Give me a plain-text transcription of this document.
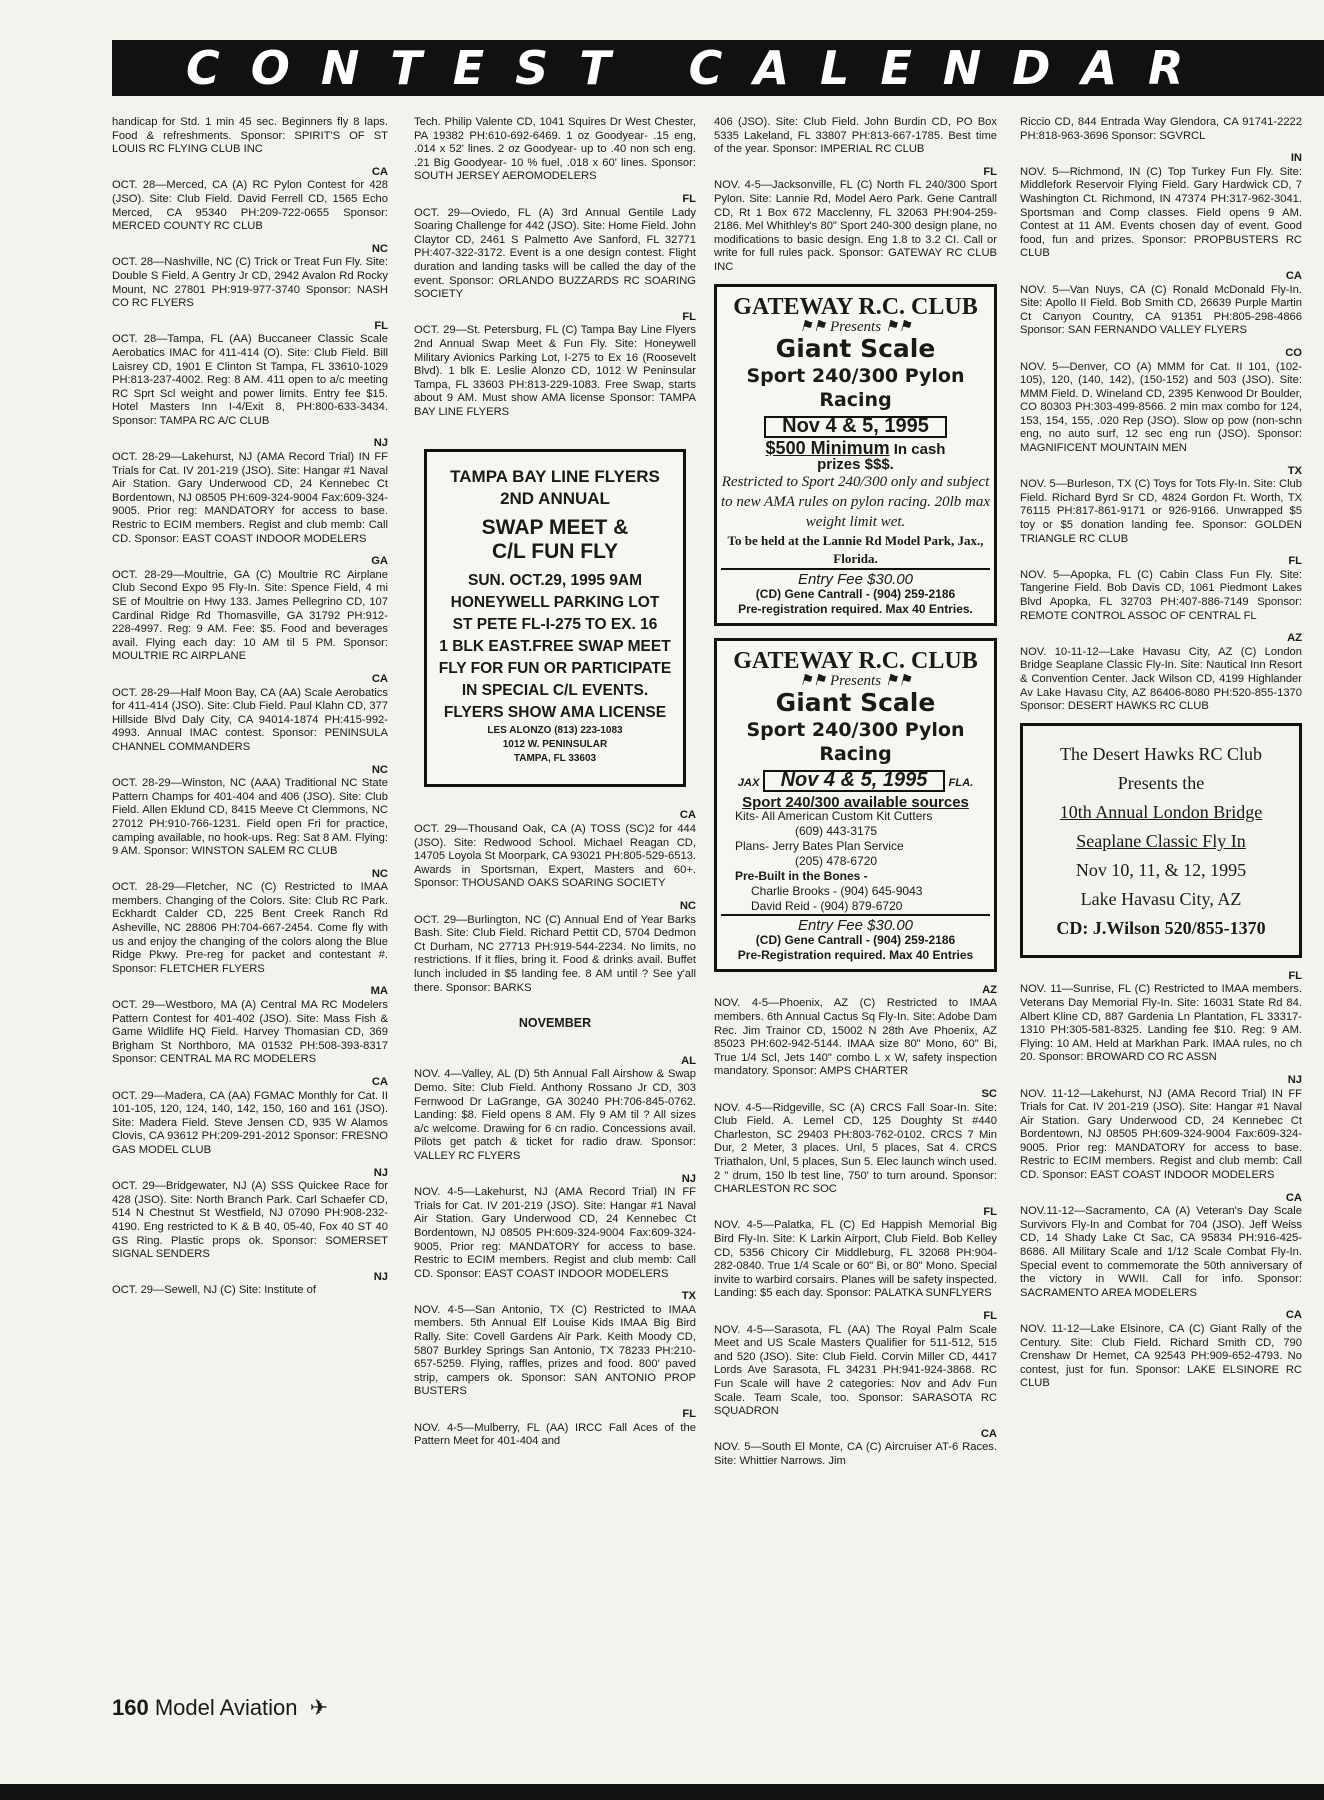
CONTEST CALENDAR

handicap for Std. 1 min 45 sec. Beginners fly 8 laps. Food & refreshments. Sponsor: SPIRIT'S OF ST LOUIS RC FLYING CLUB INC

CA

OCT. 28—Merced, CA (A) RC Pylon Contest for 428 (JSO). Site: Club Field. David Ferrell CD, 1565 Echo Merced, CA 95340 PH:209-722-0655 Sponsor: MERCED COUNTY RC CLUB

NC

OCT. 28—Nashville, NC (C) Trick or Treat Fun Fly. Site: Double S Field. A Gentry Jr CD, 2942 Avalon Rd Rocky Mount, NC 27801 PH:919-977-3740 Sponsor: NASH CO RC FLYERS

FL

OCT. 28—Tampa, FL (AA) Buccaneer Classic Scale Aerobatics IMAC for 411-414 (O). Site: Club Field. Bill Laisrey CD, 1901 E Clinton St Tampa, FL 33610-1029 PH:813-237-4002. Reg: 8 AM. 411 open to a/c meeting RC Sprt Scl weight and power limits. Entry fee $15. Hotel Masters Inn I-4/Exit 8, PH:800-633-3434. Sponsor: TAMPA RC A/C CLUB

NJ

OCT. 28-29—Lakehurst, NJ (AMA Record Trial) IN FF Trials for Cat. IV 201-219 (JSO). Site: Hangar #1 Naval Air Station. Gary Underwood CD, 24 Kennebec Ct Bordentown, NJ 08505 PH:609-324-9004 Fax:609-324-9005. Prior reg: MANDATORY for access to base. Restric to ECIM members. Regist and club memb: Call CD. Sponsor: EAST COAST INDOOR MODELERS

GA

OCT. 28-29—Moultrie, GA (C) Moultrie RC Airplane Club Second Expo 95 Fly-In. Site: Spence Field, 4 mi SE of Moultrie on Hwy 133. James Pellegrino CD, 107 Cardinal Ridge Rd Thomasville, GA 31792 PH:912-228-4997. Reg: 9 AM. Fee: $5. Food and beverages avail. Flying each day: 10 AM til 5 PM. Sponsor: MOULTRIE RC AIRPLANE

CA

OCT. 28-29—Half Moon Bay, CA (AA) Scale Aerobatics for 411-414 (JSO). Site: Club Field. Paul Klahn CD, 377 Hillside Blvd Daly City, CA 94014-1874 PH:415-992-4993. Annual IMAC contest. Sponsor: PENINSULA CHANNEL COMMANDERS

NC

OCT. 28-29—Winston, NC (AAA) Traditional NC State Pattern Champs for 401-404 and 406 (JSO). Site: Club Field. Allen Eklund CD, 8415 Meeve Ct Clemmons, NC 27012 PH:910-766-1231. Field open Fri for practice, camping available, no hook-ups. Reg: Sat 8 AM. Flying: 9 AM. Sponsor: WINSTON SALEM RC CLUB

NC

OCT. 28-29—Fletcher, NC (C) Restricted to IMAA members. Changing of the Colors. Site: Club RC Park. Eckhardt Calder CD, 225 Bent Creek Ranch Rd Asheville, NC 28806 PH:704-667-2454. Come fly with us and enjoy the changing of the colors along the Blue Ridge Pkwy. Pre-reg for packet and contestant #. Sponsor: FLETCHER FLYERS

MA

OCT. 29—Westboro, MA (A) Central MA RC Modelers Pattern Contest for 401-402 (JSO). Site: Mass Fish & Game Wildlife HQ Field. Harvey Thomasian CD, 369 Brigham St Northboro, MA 01532 PH:508-393-8317 Sponsor: CENTRAL MA RC MODELERS

CA

OCT. 29—Madera, CA (AA) FGMAC Monthly for Cat. II 101-105, 120, 124, 140, 142, 150, 160 and 161 (JSO). Site: Madera Field. Steve Jensen CD, 935 W Alamos Clovis, CA 93612 PH:209-291-2012 Sponsor: FRESNO GAS MODEL CLUB

NJ

OCT. 29—Bridgewater, NJ (A) SSS Quickee Race for 428 (JSO). Site: North Branch Park. Carl Schaefer CD, 514 N Chestnut St Westfield, NJ 07090 PH:908-232-4190. Eng restricted to K & B 40, 05-40, Fox 40 ST 40 GS Ring. Plastic props ok. Sponsor: SOMERSET SIGNAL SENDERS

NJ

OCT. 29—Sewell, NJ (C) Site: Institute of

Tech. Philip Valente CD, 1041 Squires Dr West Chester, PA 19382 PH:610-692-6469. 1 oz Goodyear- .15 eng, .014 x 52' lines. 2 oz Goodyear- up to .40 non sch eng. .21 Big Goodyear- 10 % fuel, .018 x 60' lines. Sponsor: SOUTH JERSEY AEROMODELERS

FL

OCT. 29—Oviedo, FL (A) 3rd Annual Gentile Lady Soaring Challenge for 442 (JSO). Site: Home Field. John Claytor CD, 2461 S Palmetto Ave Sanford, FL 32771 PH:407-322-3172. Event is a one design contest. Flight duration and landing tasks will be called the day of the event. Sponsor: ORLANDO BUZZARDS RC SOARING SOCIETY

FL

OCT. 29—St. Petersburg, FL (C) Tampa Bay Line Flyers 2nd Annual Swap Meet & Fun Fly. Site: Honeywell Military Avionics Parking Lot, I-275 to Ex 16 (Roosevelt Blvd). 1 blk E. Leslie Alonzo CD, 1012 W Peninsular Tampa, FL 33603 PH:813-229-1083. Free Swap, starts about 9 AM. Must show AMA license Sponsor: TAMPA BAY LINE FLYERS

TAMPA BAY LINE FLYERS

2ND ANNUAL

SWAP MEET &

C/L FUN FLY

SUN. OCT.29, 1995 9AM

HONEYWELL PARKING LOT

ST PETE FL-I-275 TO EX. 16

1 BLK EAST.FREE SWAP MEET

FLY FOR FUN OR PARTICIPATE

IN SPECIAL C/L EVENTS.

FLYERS SHOW AMA LICENSE

LES ALONZO (813) 223-1083

1012 W. PENINSULAR

TAMPA, FL 33603

CA

OCT. 29—Thousand Oak, CA (A) TOSS (SC)2 for 444 (JSO). Site: Redwood School. Michael Reagan CD, 14705 Loyola St Moorpark, CA 93021 PH:805-529-6513. Awards in Sportsman, Expert, Masters and 60+. Sponsor: THOUSAND OAKS SOARING SOCIETY

NC

OCT. 29—Burlington, NC (C) Annual End of Year Barks Bash. Site: Club Field. Richard Pettit CD, 5704 Dedmon Ct Durham, NC 27713 PH:919-544-2234. No limits, no restrictions. If it flies, bring it. Food & drinks avail. Buffet lunch included in $5 landing fee. 8 AM until ? See y'all there. Sponsor: BARKS

NOVEMBER
AL

NOV. 4—Valley, AL (D) 5th Annual Fall Airshow & Swap Demo. Site: Club Field. Anthony Rossano Jr CD, 303 Fernwood Dr LaGrange, GA 30240 PH:706-845-0762. Landing: $8. Field opens 8 AM. Fly 9 AM til ? All sizes a/c welcome. Drawing for 6 cn radio. Concessions avail. Pilots get patch & ticket for radio draw. Sponsor: VALLEY RC FLYERS

NJ

NOV. 4-5—Lakehurst, NJ (AMA Record Trial) IN FF Trials for Cat. IV 201-219 (JSO). Site: Hangar #1 Naval Air Station. Gary Underwood CD, 24 Kennebec Ct Bordentown, NJ 08505 PH:609-324-9004 Fax:609-324-9005. Prior reg: MANDATORY for access to base. Restric to ECIM members. Regist and club memb: Call CD. Sponsor: EAST COAST INDOOR MODELERS

TX

NOV. 4-5—San Antonio, TX (C) Restricted to IMAA members. 5th Annual Elf Louise Kids IMAA Big Bird Rally. Site: Covell Gardens Air Park. Keith Moody CD, 5807 Burkley Springs San Antonio, TX 78233 PH:210-657-5259. Flying, raffles, prizes and food. 800' paved strip, campers ok. Sponsor: SAN ANTONIO PROP BUSTERS

FL

NOV. 4-5—Mulberry, FL (AA) IRCC Fall Aces of the Pattern Meet for 401-404 and

406 (JSO). Site: Club Field. John Burdin CD, PO Box 5335 Lakeland, FL 33807 PH:813-667-1785. Best time of the year. Sponsor: IMPERIAL RC CLUB

FL

NOV. 4-5—Jacksonville, FL (C) North FL 240/300 Sport Pylon. Site: Lannie Rd, Model Aero Park. Gene Cantrall CD, Rt 1 Box 672 Macclenny, FL 32063 PH:904-259-2186. Mel Whithley's 80" Sport 240-300 design plane, no modifications to basic design. Eng 1.8 to 3.2 CI. Call or write for full rules pack. Sponsor: GATEWAY RC CLUB INC

GATEWAY R.C. CLUB

⚑⚑ Presents ⚑⚑

Giant Scale

Sport 240/300 Pylon Racing

Nov 4 & 5, 1995

$500 Minimum In cash

prizes $$$.

Restricted to Sport 240/300 only and subject to new AMA rules on pylon racing. 20lb max weight limit wet.

To be held at the Lannie Rd Model Park, Jax., Florida.

Entry Fee $30.00

(CD) Gene Cantrall - (904) 259-2186

Pre-registration required. Max 40 Entries.

GATEWAY R.C. CLUB

⚑⚑ Presents ⚑⚑

Giant Scale

Sport 240/300 Pylon Racing

JAX Nov 4 & 5, 1995 FLA.

Sport 240/300 available sources

Kits- All American Custom Kit Cutters

(609) 443-3175

Plans- Jerry Bates Plan Service

(205) 478-6720

Pre-Built in the Bones -

Charlie Brooks - (904) 645-9043

David Reid - (904) 879-6720

Entry Fee $30.00

(CD) Gene Cantrall - (904) 259-2186

Pre-Registration required. Max 40 Entries

AZ

NOV. 4-5—Phoenix, AZ (C) Restricted to IMAA members. 6th Annual Cactus Sq Fly-In. Site: Adobe Dam Rec. Jim Trainor CD, 15002 N 28th Ave Phoenix, AZ 85023 PH:602-942-5144. IMAA size 80" Mono, 60" Bi, True 1/4 Scl, Jets 140" combo L x W, safety inspection mandatory. Sponsor: AMPS CHARTER

SC

NOV. 4-5—Ridgeville, SC (A) CRCS Fall Soar-In. Site: Club Field. A. Lemel CD, 125 Doughty St #440 Charleston, SC 29403 PH:803-762-0102. CRCS 7 Min Dur, 2 Meter, 3 places. Unl, 5 places, Sat 4. CRCS Triathalon, Unl, 5 places, Sun 5. Elec launch winch used. 2 " drum, 150 lb test line, 750' to turn around. Sponsor: CHARLESTON RC SOC

FL

NOV. 4-5—Palatka, FL (C) Ed Happish Memorial Big Bird Fly-In. Site: K Larkin Airport, Club Field. Bob Kelley CD, 5356 Chicory Cir Middleburg, FL 32068 PH:904-282-0840. True 1/4 Scale or 60" Bi, or 80" Mono. Special invite to warbird corsairs. Planes will be safety inspected. Landing: $5 each day. Sponsor: PALATKA SUNFLYERS

FL

NOV. 4-5—Sarasota, FL (AA) The Royal Palm Scale Meet and US Scale Masters Qualifier for 511-512, 515 and 520 (JSO). Site: Club Field. Corvin Miller CD, 4417 Lords Ave Sarasota, FL 34231 PH:941-924-3868. RC Fun Scale will have 2 categories: Nov and Adv Fun Scale. Team Scale, too. Sponsor: SARASOTA RC SQUADRON

CA

NOV. 5—South El Monte, CA (C) Aircruiser AT-6 Races. Site: Whittier Narrows. Jim

Riccio CD, 844 Entrada Way Glendora, CA 91741-2222 PH:818-963-3696 Sponsor: SGVRCL

IN

NOV. 5—Richmond, IN (C) Top Turkey Fun Fly. Site: Middlefork Reservoir Flying Field. Gary Hardwick CD, 7 Washington Ct. Richmond, IN 47374 PH:317-962-3041. Sportsman and Comp classes. Field opens 9 AM. Contest at 11 AM. Events chosen day of event. Good food, fun and prizes. Sponsor: PROPBUSTERS RC CLUB

CA

NOV. 5—Van Nuys, CA (C) Ronald McDonald Fly-In. Site: Apollo II Field. Bob Smith CD, 26639 Purple Martin Ct Canyon Country, CA 91351 PH:805-298-4866 Sponsor: SAN FERNANDO VALLEY FLYERS

CO

NOV. 5—Denver, CO (A) MMM for Cat. II 101, (102-105), 120, (140, 142), (150-152) and 503 (JSO). Site: MMM Field. D. Wineland CD, 2395 Kenwood Dr Boulder, CO 80303 PH:303-499-8566. 2 min max combo for 124, 153, 154, 155, .020 Rep (JSO). Slow op pow (non-schn eng, no auto surf, 12 sec eng run (JSO). Sponsor: MAGNIFICENT MOUNTAIN MEN

TX

NOV. 5—Burleson, TX (C) Toys for Tots Fly-In. Site: Club Field. Richard Byrd Sr CD, 4824 Gordon Ft. Worth, TX 76115 PH:817-861-9171 or 926-9166. Unwrapped $5 toy or $5 donation landing fee. Sponsor: GOLDEN TRIANGLE RC CLUB

FL

NOV. 5—Apopka, FL (C) Cabin Class Fun Fly. Site: Tangerine Field. Bob Davis CD, 1061 Piedmont Lakes Blvd Apopka, FL 32703 PH:407-886-7149 Sponsor: REMOTE CONTROL ASSOC OF CENTRAL FL

AZ

NOV. 10-11-12—Lake Havasu City, AZ (C) London Bridge Seaplane Classic Fly-In. Site: Nautical Inn Resort & Convention Center. Jack Wilson CD, 4199 Highlander Av Lake Havasu City, AZ 86406-8080 PH:520-855-1370 Sponsor: DESERT HAWKS RC CLUB

The Desert Hawks RC Club
Presents the
10th Annual London Bridge
Seaplane Classic Fly In
Nov 10, 11, & 12, 1995
Lake Havasu City, AZ
CD: J.Wilson 520/855-1370
FL

NOV. 11—Sunrise, FL (C) Restricted to IMAA members. Veterans Day Memorial Fly-In. Site: 16031 State Rd 84. Albert Kline CD, 887 Gardenia Ln Plantation, FL 33317-1310 PH:305-581-8325. Landing fee $10. Reg: 9 AM. Flying: 10 AM. Held at Markhan Park. IMAA rules, no ch 20. Sponsor: BROWARD CO RC ASSN

NJ

NOV. 11-12—Lakehurst, NJ (AMA Record Trial) IN FF Trials for Cat. IV 201-219 (JSO). Site: Hangar #1 Naval Air Station. Gary Underwood CD, 24 Kennebec Ct Bordentown, NJ 08505 PH:609-324-9004 Fax:609-324-9005. Prior reg: MANDATORY for access to base. Restric to ECIM members. Regist and club memb: Call CD. Sponsor: EAST COAST INDOOR MODELERS

CA

NOV.11-12—Sacramento, CA (A) Veteran's Day Scale Survivors Fly-In and Combat for 704 (JSO). Jeff Weiss CD, 14 Shady Lake Ct Sac, CA 95834 PH:916-425-8686. All Military Scale and 1/12 Scale Combat Fly-In. Special event to commemorate the 50th anniversary of the victory in WWII. Call for info. Sponsor: SACRAMENTO AREA MODELERS

CA

NOV. 11-12—Lake Elsinore, CA (C) Giant Rally of the Century. Site: Club Field. Richard Smith CD, 790 Crenshaw Dr Hemet, CA 92543 PH:909-652-4793. No contest, just for fun. Sponsor: LAKE ELSINORE RC CLUB

160 Model Aviation ✈
